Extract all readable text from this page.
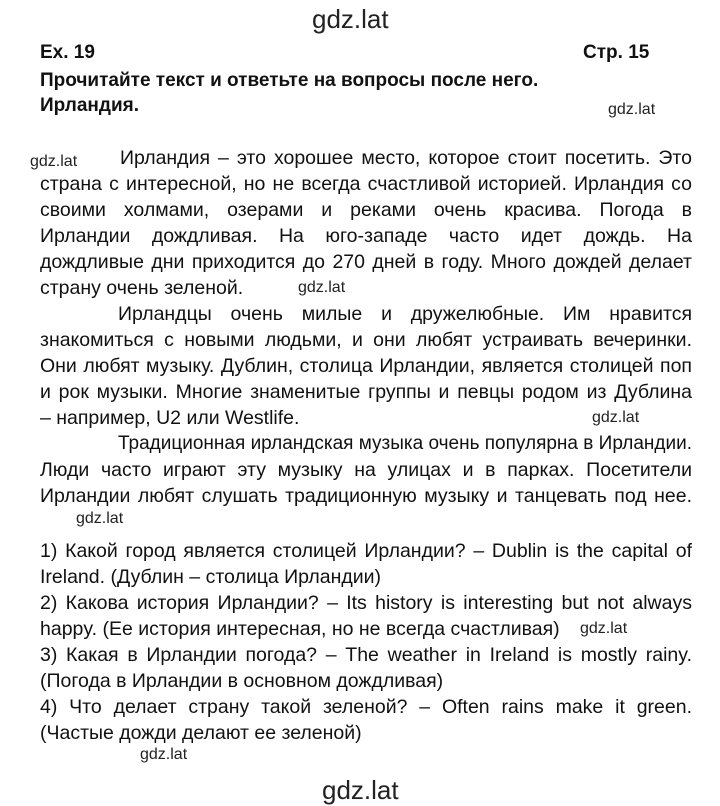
gdz.lat
gdz.lat
gdz.lat
gdz.lat
gdz.lat
gdz.lat
gdz.lat
gdz.lat
gdz.lat
Ex. 19	Стр. 15
Прочитайте текст и ответьте на вопросы после него.
Ирландия.
Ирландия – это хорошее место, которое стоит посетить. Это
страна с интересной, но не всегда счастливой историей. Ирландия со
своими холмами, озерами и реками очень красива. Погода в
Ирландии дождливая. На юго-западе часто идет дождь. На
дождливые дни приходится до 270 дней в году. Много дождей делает
страну очень зеленой.
Ирландцы очень милые и дружелюбные. Им нравится
знакомиться с новыми людьми, и они любят устраивать вечеринки.
Они любят музыку. Дублин, столица Ирландии, является столицей поп
и рок музыки. Многие знаменитые группы и певцы родом из Дублина
– например, U2 или Westlife.
Традиционная ирландская музыка очень популярна в Ирландии.
Люди часто играют эту музыку на улицах и в парках. Посетители
Ирландии любят слушать традиционную музыку и танцевать под нее.
1) Какой город является столицей Ирландии? – Dublin is the capital of
Ireland. (Дублин – столица Ирландии)
2) Какова история Ирландии? – Its history is interesting but not always
happy. (Ее история интересная, но не всегда счастливая)
3) Какая в Ирландии погода? – The weather in Ireland is mostly rainy.
(Погода в Ирландии в основном дождливая)
4) Что делает страну такой зеленой? – Often rains make it green.
(Частые дожди делают ее зеленой)
